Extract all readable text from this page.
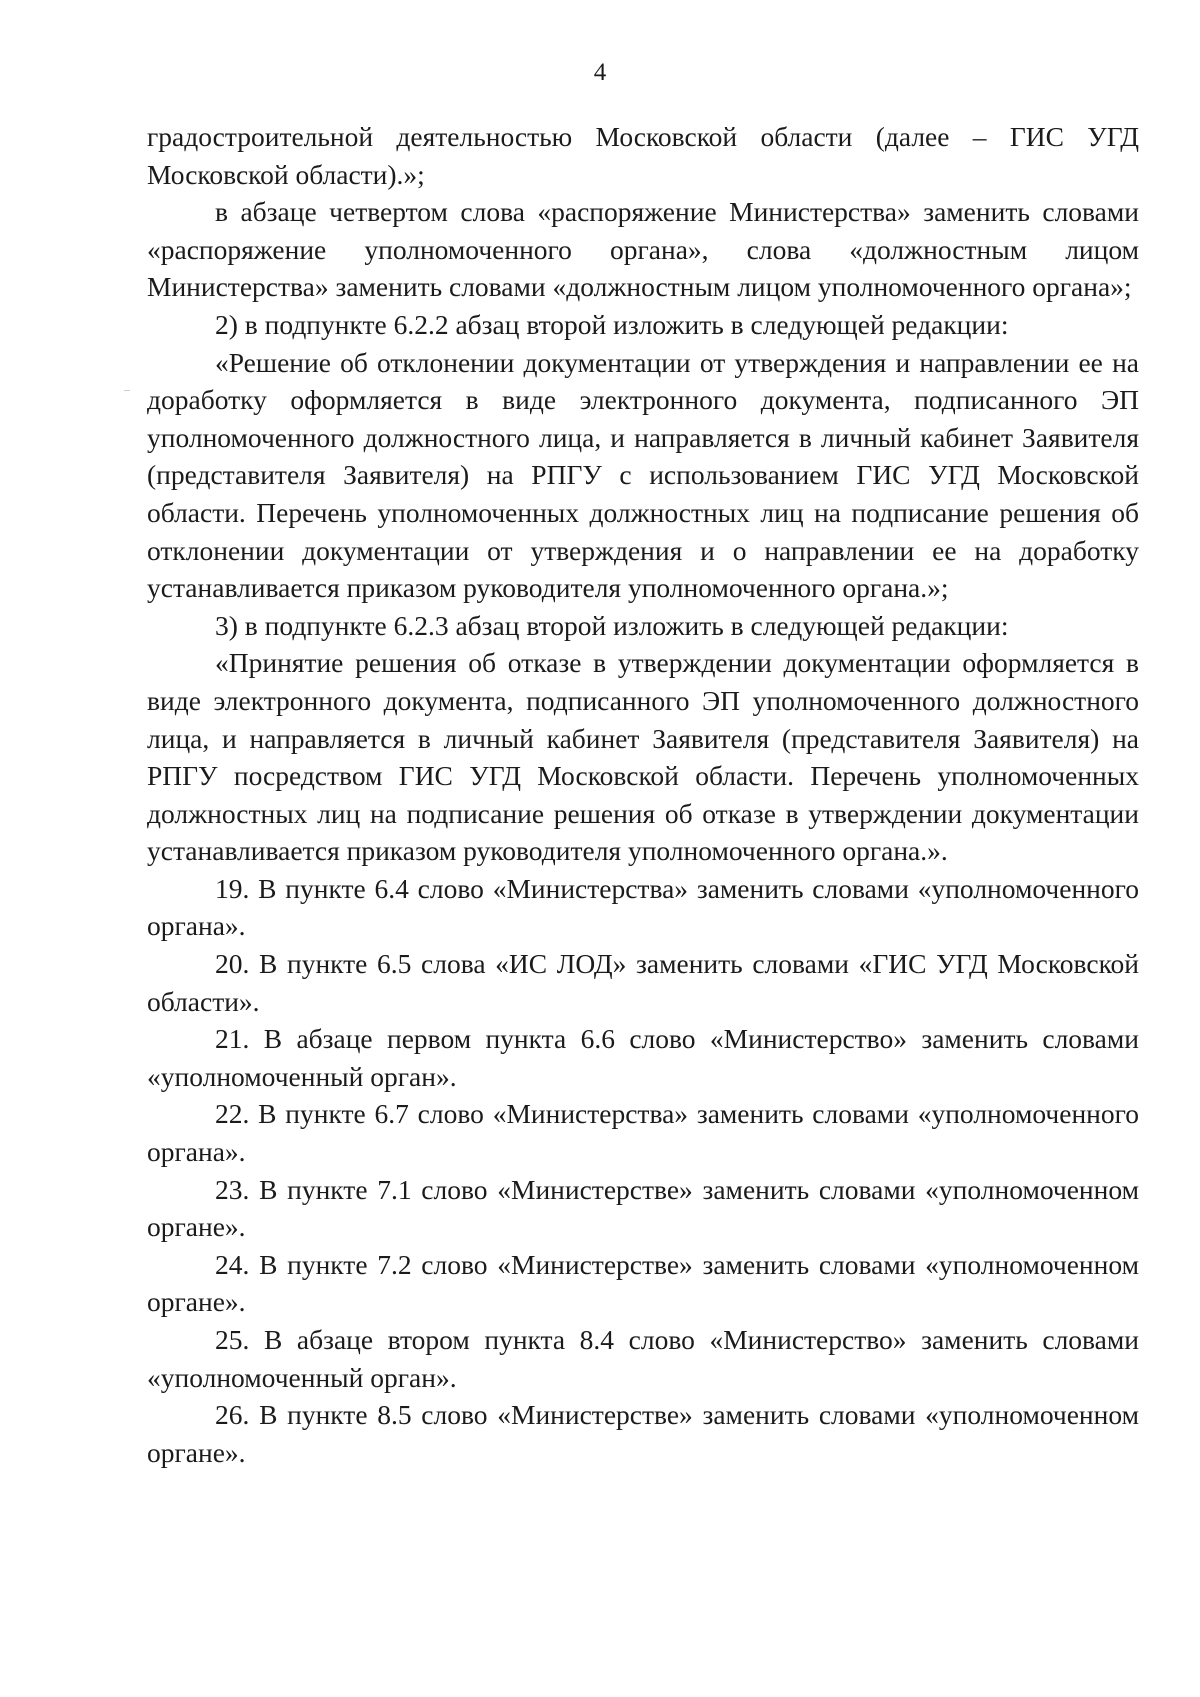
4

градостроительной деятельностью Московской области (далее – ГИС УГД Московской области).»;

в абзаце четвертом слова «распоряжение Министерства» заменить словами «распоряжение уполномоченного органа», слова «должностным лицом Министерства» заменить словами «должностным лицом уполномоченного органа»;

2) в подпункте 6.2.2 абзац второй изложить в следующей редакции:

«Решение об отклонении документации от утверждения и направлении ее на доработку оформляется в виде электронного документа, подписанного ЭП уполномоченного должностного лица, и направляется в личный кабинет Заявителя (представителя Заявителя) на РПГУ с использованием ГИС УГД Московской области. Перечень уполномоченных должностных лиц на подписание решения об отклонении документации от утверждения и о направлении ее на доработку устанавливается приказом руководителя уполномоченного органа.»;

3) в подпункте 6.2.3 абзац второй изложить в следующей редакции:

«Принятие решения об отказе в утверждении документации оформляется в виде электронного документа, подписанного ЭП уполномоченного должностного лица, и направляется в личный кабинет Заявителя (представителя Заявителя) на РПГУ посредством ГИС УГД Московской области. Перечень уполномоченных должностных лиц на подписание решения об отказе в утверждении документации устанавливается приказом руководителя уполномоченного органа.».

19. В пункте 6.4 слово «Министерства» заменить словами «уполномоченного органа».

20. В пункте 6.5 слова «ИС ЛОД» заменить словами «ГИС УГД Московской области».

21. В абзаце первом пункта 6.6 слово «Министерство» заменить словами «уполномоченный орган».

22. В пункте 6.7 слово «Министерства» заменить словами «уполномоченного органа».

23. В пункте 7.1 слово «Министерстве» заменить словами «уполномоченном органе».

24. В пункте 7.2 слово «Министерстве» заменить словами «уполномоченном органе».

25. В абзаце втором пункта 8.4 слово «Министерство» заменить словами «уполномоченный орган».

26. В пункте 8.5 слово «Министерстве» заменить словами «уполномоченном органе».
